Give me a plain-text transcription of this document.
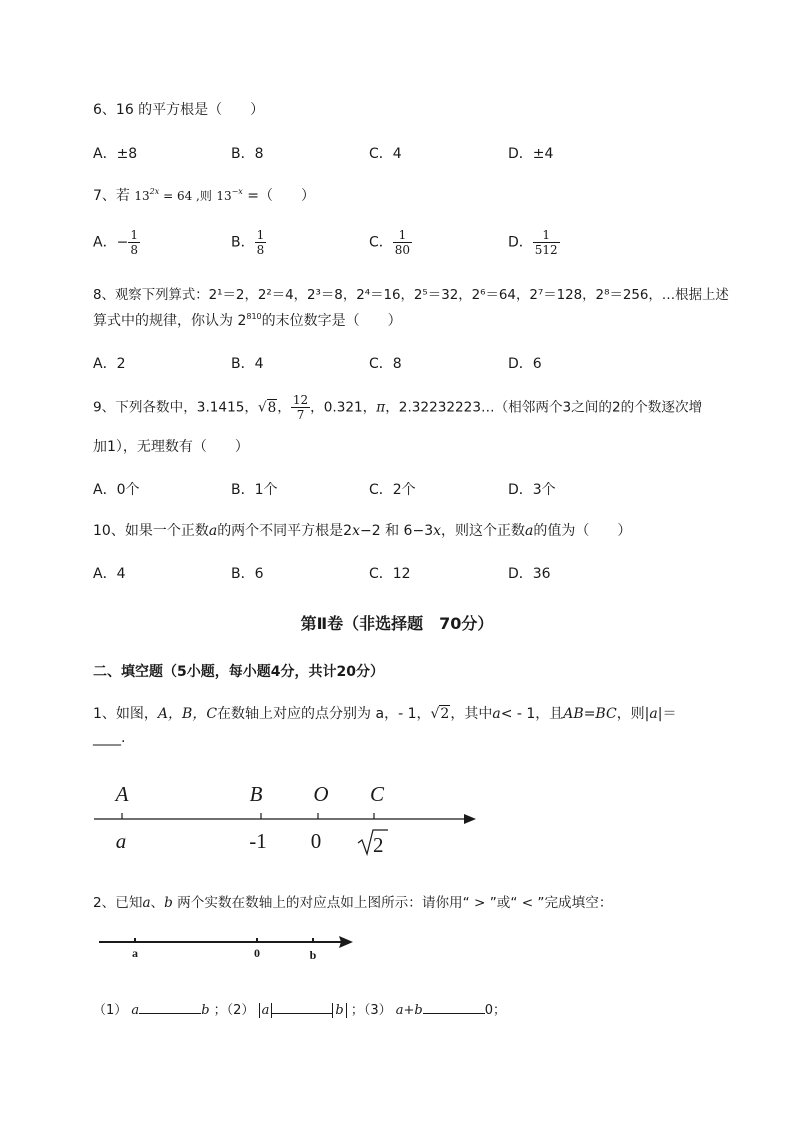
6、16 的平方根是（　　）
A．±8	B．8	C．4	D．±4
7、若 $13^{2x} = 64$ ,则 $13^{-x}$ =（　　）
A．− $\frac{1}{8}$	B． $\frac{1}{8}$	C． $\frac{1}{80}$	D． $\frac{1}{512}$
8、观察下列算式：2¹＝2，2²＝4，2³＝8，2⁴＝16，2⁵＝32，2⁶＝64，2⁷＝128，2⁸＝256，…根据上述
算式中的规律，你认为 $2^{810}$的末位数字是（　　）
A．2	B．4	C．8	D．6
9、下列各数中，3.1415，√8， $\frac{12}{7}$ ，0.321，π，2.32232223…（相邻两个3之间的2的个数逐次增
加1），无理数有（　　）
A．0个	B．1个	C．2个	D．3个
10、如果一个正数a的两个不同平方根是2x−2 和 6−3x，则这个正数a的值为（　　）
A．4	B．6	C．12	D．36
第Ⅱ卷（非选择题　70分）
二、填空题（5小题，每小题4分，共计20分）
1、如图，A，B，C在数轴上对应的点分别为 a，- 1，√2，其中a< - 1，且AB=BC，则|a|＝
____.
A	B O C
a	-1 0 2
2、已知a、b 两个实数在数轴上的对应点如上图所示：请你用“ > ”或“ < ”完成填空：
a	0	b
（1） a	b ；（2） a	b ；（3） a+b	0；
